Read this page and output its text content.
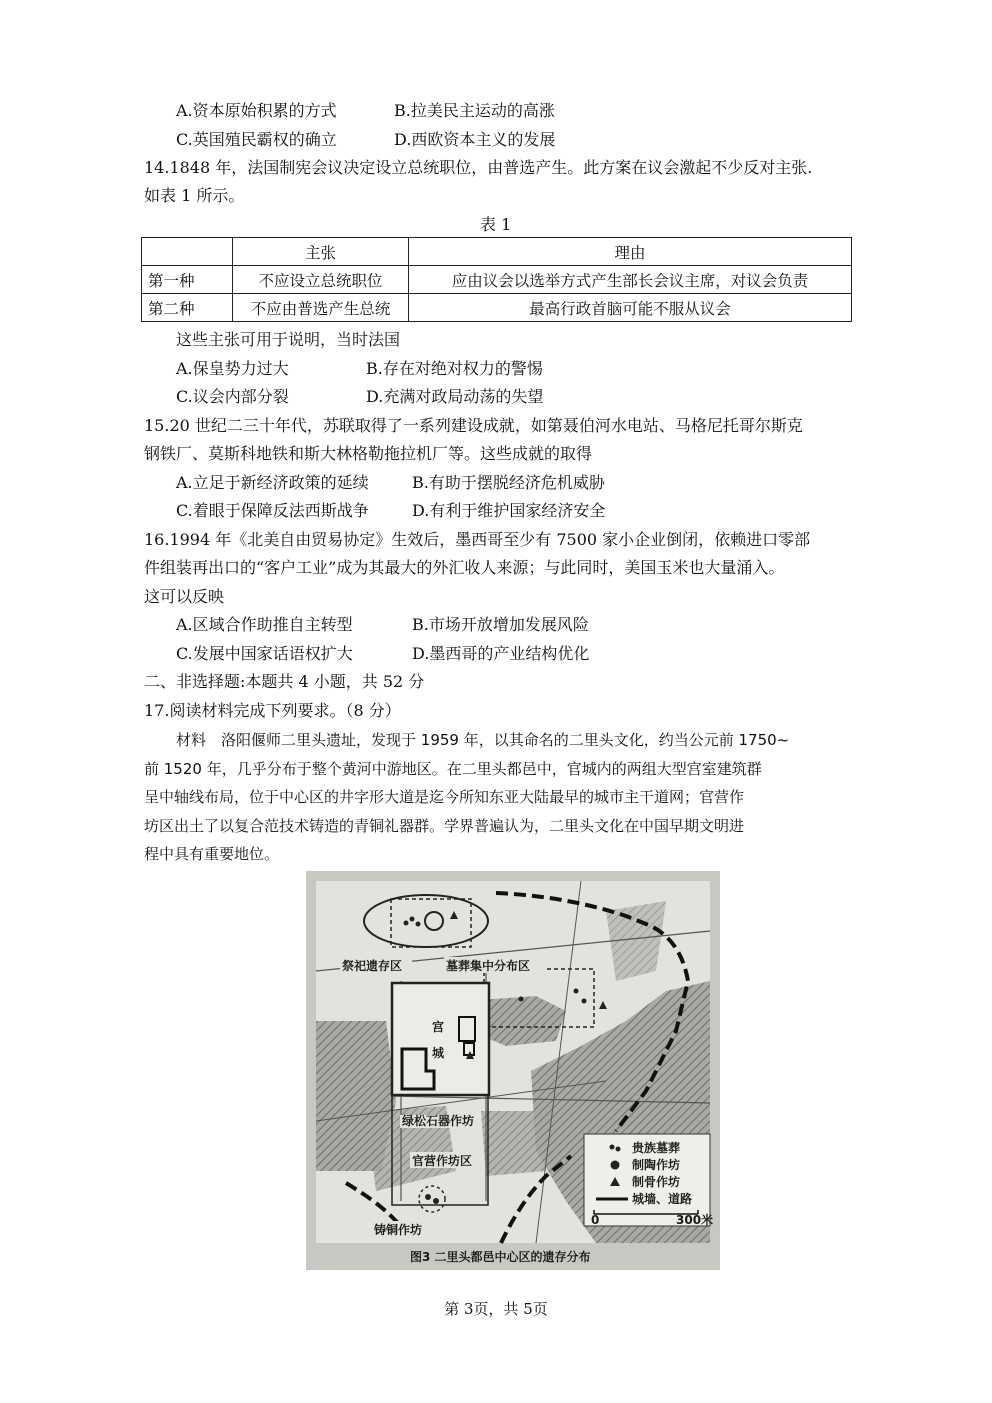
A.资本原始积累的方式	B.拉美民主运动的高涨
C.英国殖民霸权的确立	D.西欧资本主义的发展
14.1848 年，法国制宪会议决定设立总统职位，由普选产生。此方案在议会激起不少反对主张.
如表 1 所示。
表 1
	主张	理由
第一种	不应设立总统职位	应由议会以选举方式产生部长会议主席，对议会负责
第二种	不应由普选产生总统	最高行政首脑可能不服从议会
这些主张可用于说明，当时法国
A.保皇势力过大	B.存在对绝对权力的警惕
C.议会内部分裂	D.充满对政局动荡的失望
15.20 世纪二三十年代，苏联取得了一系列建设成就，如第聂伯河水电站、马格尼托哥尔斯克
钢铁厂、莫斯科地铁和斯大林格勒拖拉机厂等。这些成就的取得
A.立足于新经济政策的延续	B.有助于摆脱经济危机威胁
C.着眼于保障反法西斯战争	D.有利于维护国家经济安全
16.1994 年《北美自由贸易协定》生效后，墨西哥至少有 7500 家小企业倒闭，依赖进口零部
件组装再出口的“客户工业”成为其最大的外汇收人来源；与此同时，美国玉米也大量涌入。
这可以反映
A.区域合作助推自主转型	B.市场开放增加发展风险
C.发展中国家话语权扩大	D.墨西哥的产业结构优化
二、非选择题:本题共 4 小题，共 52 分
17.阅读材料完成下列要求。（8 分）
材料　洛阳偃师二里头遗址，发现于 1959 年，以其命名的二里头文化，约当公元前 1750~
前 1520 年，几乎分布于整个黄河中游地区。在二里头都邑中，官城内的两组大型宫室建筑群
呈中轴线布局，位于中心区的井字形大道是迄今所知东亚大陆最早的城市主干道网；官营作
坊区出土了以复合范技术铸造的青铜礼器群。学界普遍认为，二里头文化在中国早期文明进
程中具有重要地位。
祭祀遗存区	墓葬集中分布区
宫
城
绿松石器作坊
官营作坊区
铸铜作坊
贵族墓葬
制陶作坊
制骨作坊
城墙、道路
0	300米
图3 二里头都邑中心区的遗存分布
第 3页，共 5页
